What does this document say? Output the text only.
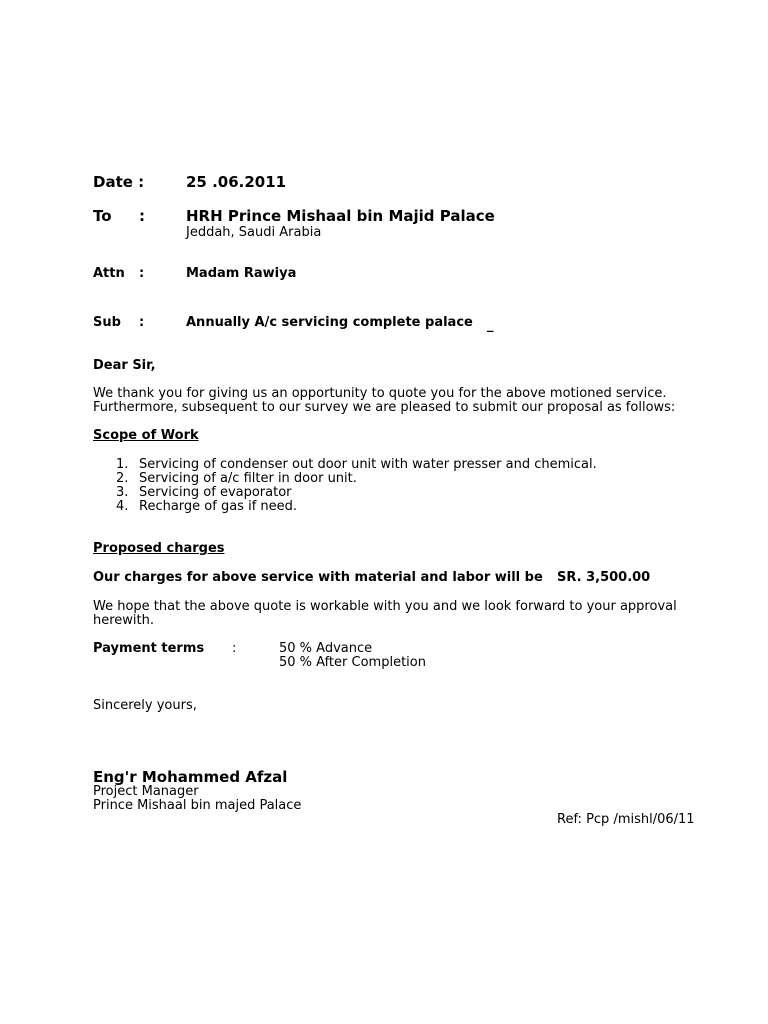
Date :	25 .06.2011
To :	HRH Prince Mishaal bin Majid Palace
Jeddah, Saudi Arabia
Attn :	Madam Rawiya
Sub :	Annually A/c servicing complete palace _
Dear Sir,
We thank you for giving us an opportunity to quote you for the above motioned service.
Furthermore, subsequent to our survey we are pleased to submit our proposal as follows:
Scope of Work
1. Servicing of condenser out door unit with water presser and chemical.
2. Servicing of a/c filter in door unit.
3. Servicing of evaporator
4. Recharge of gas if need.
Proposed charges
Our charges for above service with material and labor will be SR. 3,500.00
We hope that the above quote is workable with you and we look forward to your approval
herewith.
Payment terms :	50 % Advance
50 % After Completion
Sincerely yours,
Eng'r Mohammed Afzal
Project Manager
Prince Mishaal bin majed Palace
Ref: Pcp /mishl/06/11
